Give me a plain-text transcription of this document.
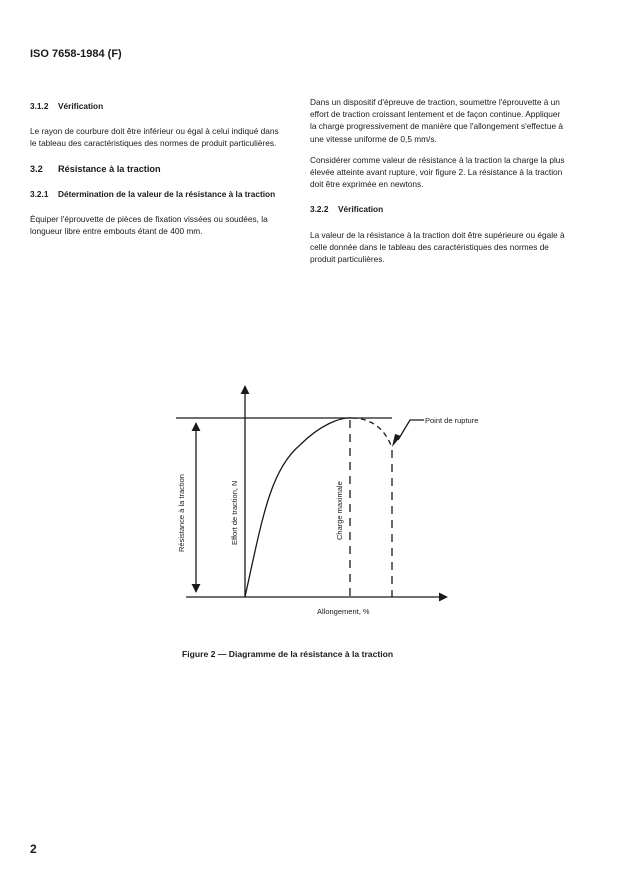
ISO 7658-1984 (F)
3.1.2 Vérification

Le rayon de courbure doit être inférieur ou égal à celui indiqué dans le tableau des caractéristiques des normes de produit particulières.

3.2 Résistance à la traction
3.2.1 Détermination de la valeur de la résistance à la traction

Équiper l'éprouvette de pièces de fixation vissées ou soudées, la longueur libre entre embouts étant de 400 mm.

Dans un dispositif d'épreuve de traction, soumettre l'éprouvette à un effort de traction croissant lentement et de façon continue. Appliquer la charge progressivement de manière que l'allongement s'effectue à une vitesse uniforme de 0,5 mm/s.

Considérer comme valeur de résistance à la traction la charge la plus élevée atteinte avant rupture, voir figure 2. La résistance à la traction doit être exprimée en newtons.

3.2.2 Vérification

La valeur de la résistance à la traction doit être supérieure ou égale à celle donnée dans le tableau des caractéristiques des normes de produit particulières.

Point de rupture
Allongement, %
Effort de traction, N
Résistance à la traction	Charge maximale
Figure 2 — Diagramme de la résistance à la traction
2
